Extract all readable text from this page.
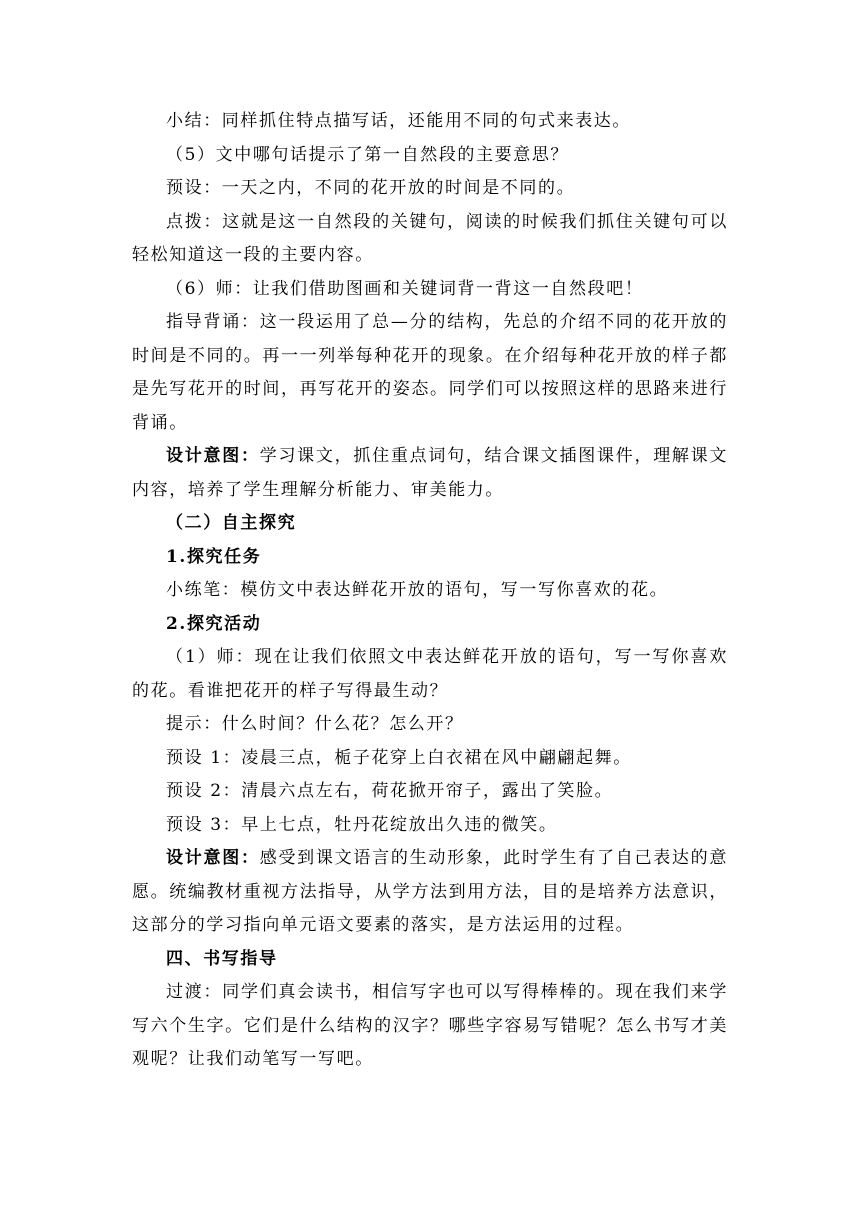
小结：同样抓住特点描写话，还能用不同的句式来表达。

（5）文中哪句话提示了第一自然段的主要意思？

预设：一天之内，不同的花开放的时间是不同的。

点拨：这就是这一自然段的关键句，阅读的时候我们抓住关键句可以轻松知道这一段的主要内容。

（6）师：让我们借助图画和关键词背一背这一自然段吧！

指导背诵：这一段运用了总—分的结构，先总的介绍不同的花开放的时间是不同的。再一一列举每种花开的现象。在介绍每种花开放的样子都是先写花开的时间，再写花开的姿态。同学们可以按照这样的思路来进行背诵。

设计意图：学习课文，抓住重点词句，结合课文插图课件，理解课文内容，培养了学生理解分析能力、审美能力。

（二）自主探究

1.探究任务

小练笔：模仿文中表达鲜花开放的语句，写一写你喜欢的花。

2.探究活动

（1）师：现在让我们依照文中表达鲜花开放的语句，写一写你喜欢的花。看谁把花开的样子写得最生动？

提示：什么时间？什么花？怎么开？

预设 1：凌晨三点，栀子花穿上白衣裙在风中翩翩起舞。

预设 2：清晨六点左右，荷花掀开帘子，露出了笑脸。

预设 3：早上七点，牡丹花绽放出久违的微笑。

设计意图：感受到课文语言的生动形象，此时学生有了自己表达的意愿。统编教材重视方法指导，从学方法到用方法，目的是培养方法意识，这部分的学习指向单元语文要素的落实，是方法运用的过程。

四、书写指导

过渡：同学们真会读书，相信写字也可以写得棒棒的。现在我们来学写六个生字。它们是什么结构的汉字？哪些字容易写错呢？怎么书写才美观呢？让我们动笔写一写吧。
